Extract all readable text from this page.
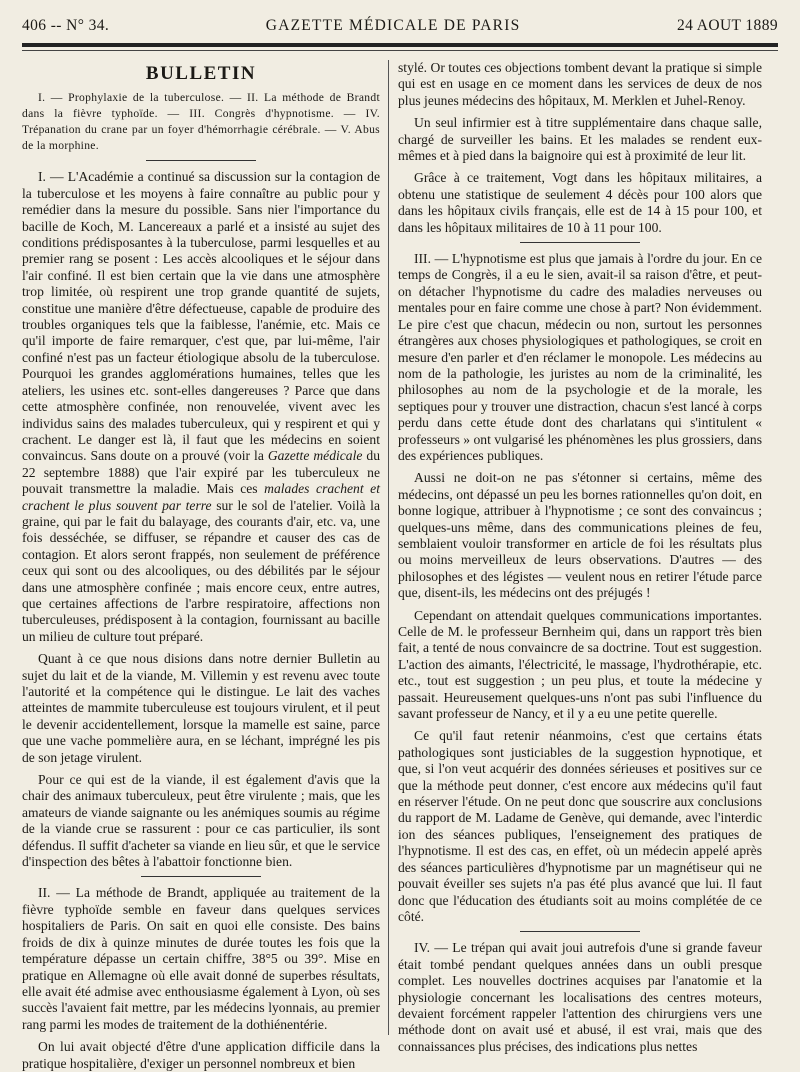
406 -- N° 34.	GAZETTE MÉDICALE DE PARIS	24 AOUT 1889
BULLETIN

I. — Prophylaxie de la tuberculose. — II. La méthode de Brandt dans la fièvre typhoïde. — III. Congrès d'hypnotisme. — IV. Trépanation du crane par un foyer d'hémorrhagie cérébrale. — V. Abus de la morphine.

I. — L'Académie a continué sa discussion sur la contagion de la tuberculose et les moyens à faire connaître au public pour y remédier dans la mesure du possible. Sans nier l'importance du bacille de Koch, M. Lancereaux a parlé et a insisté au sujet des conditions prédisposantes à la tuberculose, parmi lesquelles et au premier rang se posent : Les accès alcooliques et le séjour dans l'air confiné. Il est bien certain que la vie dans une atmosphère trop limitée, où respirent une trop grande quantité de sujets, constitue une manière d'être défectueuse, capable de produire des troubles organiques tels que la faiblesse, l'anémie, etc. Mais ce qu'il importe de faire remarquer, c'est que, par lui-même, l'air confiné n'est pas un facteur étiologique absolu de la tuberculose. Pourquoi les grandes agglomérations humaines, telles que les ateliers, les usines etc. sont-elles dangereuses ? Parce que dans cette atmosphère confinée, non renouvelée, vivent avec les individus sains des malades tuberculeux, qui y respirent et qui y crachent. Le danger est là, il faut que les médecins en soient convaincus. Sans doute on a prouvé (voir la Gazette médicale du 22 septembre 1888) que l'air expiré par les tuberculeux ne pouvait transmettre la maladie. Mais ces malades crachent et crachent le plus souvent par terre sur le sol de l'atelier. Voilà la graine, qui par le fait du balayage, des courants d'air, etc. va, une fois desséchée, se diffuser, se répandre et causer des cas de contagion. Et alors seront frappés, non seulement de préférence ceux qui sont ou des alcooliques, ou des débilités par le séjour dans une atmosphère confinée ; mais encore ceux, entre autres, que certaines affections de l'arbre respiratoire, affections non tuberculeuses, prédisposent à la contagion, fournissant au bacille un milieu de culture tout préparé.

Quant à ce que nous disions dans notre dernier Bulletin au sujet du lait et de la viande, M. Villemin y est revenu avec toute l'autorité et la compétence qui le distingue. Le lait des vaches atteintes de mammite tuberculeuse est toujours virulent, et il peut le devenir accidentellement, lorsque la mamelle est saine, parce que une vache pommelière aura, en se léchant, imprégné les pis de son jetage virulent.

Pour ce qui est de la viande, il est également d'avis que la chair des animaux tuberculeux, peut être virulente ; mais, que les amateurs de viande saignante ou les anémiques soumis au régime de la viande crue se rassurent : pour ce cas particulier, ils sont défendus. Il suffit d'acheter sa viande en lieu sûr, et que le service d'inspection des bêtes à l'abattoir fonctionne bien.

II. — La méthode de Brandt, appliquée au traitement de la fièvre typhoïde semble en faveur dans quelques services hospitaliers de Paris. On sait en quoi elle consiste. Des bains froids de dix à quinze minutes de durée toutes les fois que la température dépasse un certain chiffre, 38°5 ou 39°. Mise en pratique en Allemagne où elle avait donné de superbes résultats, elle avait été admise avec enthousiasme également à Lyon, où ses succès l'avaient fait mettre, par les médecins lyonnais, au premier rang parmi les modes de traitement de la dothiénentérie.

On lui avait objecté d'être d'une application difficile dans la pratique hospitalière, d'exiger un personnel nombreux et bien

stylé. Or toutes ces objections tombent devant la pratique si simple qui est en usage en ce moment dans les services de deux de nos plus jeunes médecins des hôpitaux, M. Merklen et Juhel-Renoy.

Un seul infirmier est à titre supplémentaire dans chaque salle, chargé de surveiller les bains. Et les malades se rendent eux-mêmes et à pied dans la baignoire qui est à proximité de leur lit.

Grâce à ce traitement, Vogt dans les hôpitaux militaires, a obtenu une statistique de seulement 4 décès pour 100 alors que dans les hôpitaux civils français, elle est de 14 à 15 pour 100, et dans les hôpitaux militaires de 10 à 11 pour 100.

III. — L'hypnotisme est plus que jamais à l'ordre du jour. En ce temps de Congrès, il a eu le sien, avait-il sa raison d'être, et peut-on détacher l'hypnotisme du cadre des maladies nerveuses ou mentales pour en faire comme une chose à part? Non évidemment. Le pire c'est que chacun, médecin ou non, surtout les personnes étrangères aux choses physiologiques et pathologiques, se croit en mesure d'en parler et d'en réclamer le monopole. Les médecins au nom de la pathologie, les juristes au nom de la criminalité, les philosophes au nom de la psychologie et de la morale, les septiques pour y trouver une distraction, chacun s'est lancé à corps perdu dans cette étude dont des charlatans qui s'intitulent « professeurs » ont vulgarisé les phénomènes les plus grossiers, dans des expériences publiques.

Aussi ne doit-on ne pas s'étonner si certains, même des médecins, ont dépassé un peu les bornes rationnelles qu'on doit, en bonne logique, attribuer à l'hypnotisme ; ce sont des convaincus ; quelques-uns même, dans des communications pleines de feu, semblaient vouloir transformer en article de foi les résultats plus ou moins merveilleux de leurs observations. D'autres — des philosophes et des légistes — veulent nous en retirer l'étude parce que, disent-ils, les médecins ont des préjugés !

Cependant on attendait quelques communications importantes. Celle de M. le professeur Bernheim qui, dans un rapport très bien fait, a tenté de nous convaincre de sa doctrine. Tout est suggestion. L'action des aimants, l'électricité, le massage, l'hydrothérapie, etc. etc., tout est suggestion ; un peu plus, et toute la médecine y passait. Heureusement quelques-uns n'ont pas subi l'influence du savant professeur de Nancy, et il y a eu une petite querelle.

Ce qu'il faut retenir néanmoins, c'est que certains états pathologiques sont justiciables de la suggestion hypnotique, et que, si l'on veut acquérir des données sérieuses et positives sur ce que la méthode peut donner, c'est encore aux médecins qu'il faut en réserver l'étude. On ne peut donc que souscrire aux conclusions du rapport de M. Ladame de Genève, qui demande, avec l'interdic ion des séances publiques, l'enseignement des pratiques de l'hypnotisme. Il est des cas, en effet, où un médecin appelé après des séances particulières d'hypnotisme par un magnétiseur qui ne pouvait éveiller ses sujets n'a pas été plus avancé que lui. Il faut donc que l'éducation des étudiants soit au moins complétée de ce côté.

IV. — Le trépan qui avait joui autrefois d'une si grande faveur était tombé pendant quelques années dans un oubli presque complet. Les nouvelles doctrines acquises par l'anatomie et la physiologie concernant les localisations des centres moteurs, devaient forcément rappeler l'attention des chirurgiens vers une méthode dont on avait usé et abusé, il est vrai, mais que des connaissances plus précises, des indications plus nettes
